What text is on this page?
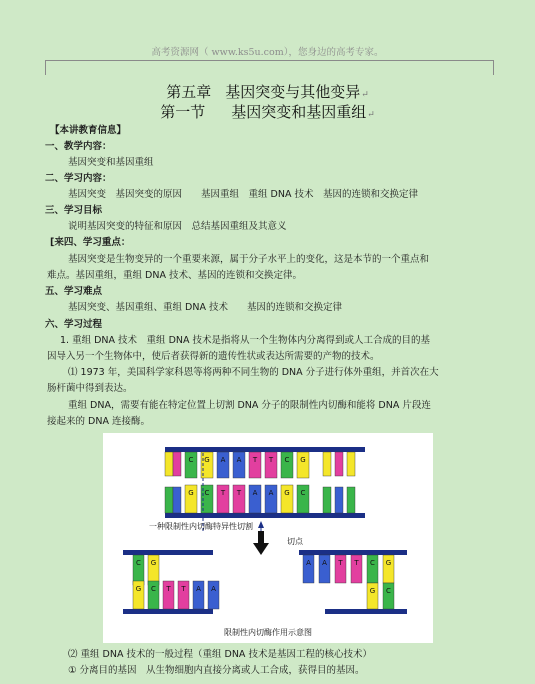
高考资源网（ www.ks5u.com），您身边的高考专家。
第五章 基因突变与其他变异↵
第一节 基因突变和基因重组↵
【本讲教育信息】
一、教学内容：
基因突变和基因重组
二、学习内容：
基因突变　基因突变的原因　　基因重组　重组 DNA 技术　基因的连锁和交换定律
三、学习目标
说明基因突变的特征和原因　总结基因重组及其意义
[来四、学习重点：
基因突变是生物变异的一个重要来源，属于分子水平上的变化，这是本节的一个重点和
难点。基因重组，重组 DNA 技术、基因的连锁和交换定律。
五、学习难点
基因突变、基因重组、重组 DNA 技术　　基因的连锁和交换定律
六、学习过程
1. 重组 DNA 技术　重组 DNA 技术是指将从一个生物体内分离得到或人工合成的目的基
因导入另一个生物体中，使后者获得新的遗传性状或表达所需要的产物的技术。
⑴ 1973 年，美国科学家科恩等将两种不同生物的 DNA 分子进行体外重组，并首次在大
肠杆菌中得到表达。
重组 DNA，需要有能在特定位置上切割 DNA 分子的限制性内切酶和能将 DNA 片段连
接起来的 DNA 连接酶。
C G A A T T C G
G C T T A A G C
C G
G C T T A A
A A T T C G
G C
一种限制性内切酶特异性切割
切点
限制性内切酶作用示意图
⑵ 重组 DNA 技术的一般过程（重组 DNA 技术是基因工程的核心技术）
① 分离目的基因　从生物细胞内直接分离或人工合成，获得目的基因。
